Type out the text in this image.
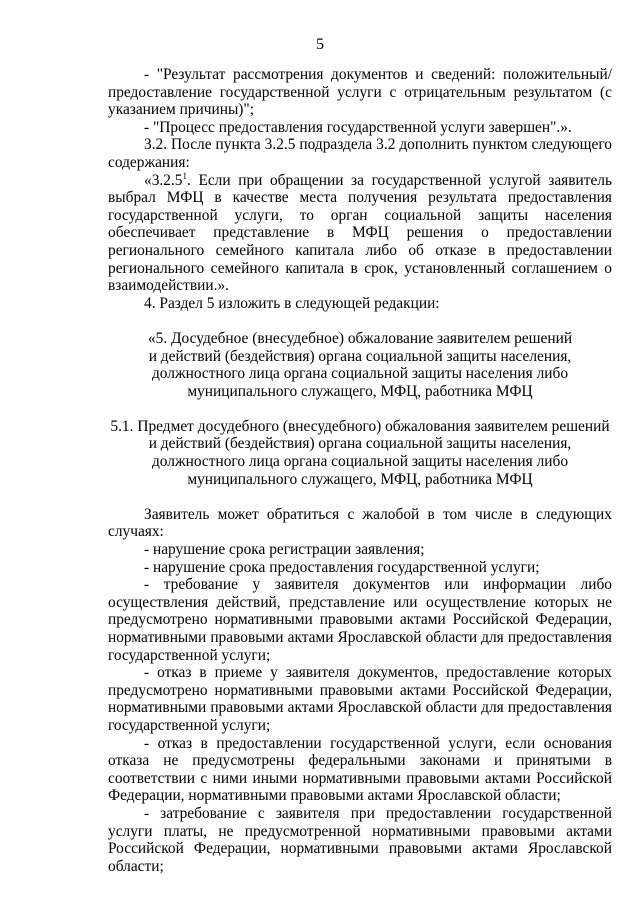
5

- "Результат рассмотрения документов и сведений: положительный/ предоставление государственной услуги с отрицательным результатом (с указанием причины)";

- "Процесс предоставления государственной услуги завершен".».

3.2. После пункта 3.2.5 подраздела 3.2 дополнить пунктом следующего содержания:

«3.2.5$^1$. Если при обращении за государственной услугой заявитель выбрал МФЦ в качестве места получения результата предоставления государственной услуги, то орган социальной защиты населения обеспечивает представление в МФЦ решения о предоставлении регионального семейного капитала либо об отказе в предоставлении регионального семейного капитала в срок, установленный соглашением о взаимодействии.».

4. Раздел 5 изложить в следующей редакции:

«5. Досудебное (внесудебное) обжалование заявителем решений

и действий (бездействия) органа социальной защиты населения,

должностного лица органа социальной защиты населения либо

муниципального служащего, МФЦ, работника МФЦ

5.1. Предмет досудебного (внесудебного) обжалования заявителем решений

и действий (бездействия) органа социальной защиты населения,

должностного лица органа социальной защиты населения либо

муниципального служащего, МФЦ, работника МФЦ

Заявитель может обратиться с жалобой в том числе в следующих случаях:

- нарушение срока регистрации заявления;

- нарушение срока предоставления государственной услуги;

- требование у заявителя документов или информации либо осуществления действий, представление или осуществление которых не предусмотрено нормативными правовыми актами Российской Федерации, нормативными правовыми актами Ярославской области для предоставления государственной услуги;

- отказ в приеме у заявителя документов, предоставление которых предусмотрено нормативными правовыми актами Российской Федерации, нормативными правовыми актами Ярославской области для предоставления государственной услуги;

- отказ в предоставлении государственной услуги, если основания отказа не предусмотрены федеральными законами и принятыми в соответствии с ними иными нормативными правовыми актами Российской Федерации, нормативными правовыми актами Ярославской области;

- затребование с заявителя при предоставлении государственной услуги платы, не предусмотренной нормативными правовыми актами Российской Федерации, нормативными правовыми актами Ярославской области;
